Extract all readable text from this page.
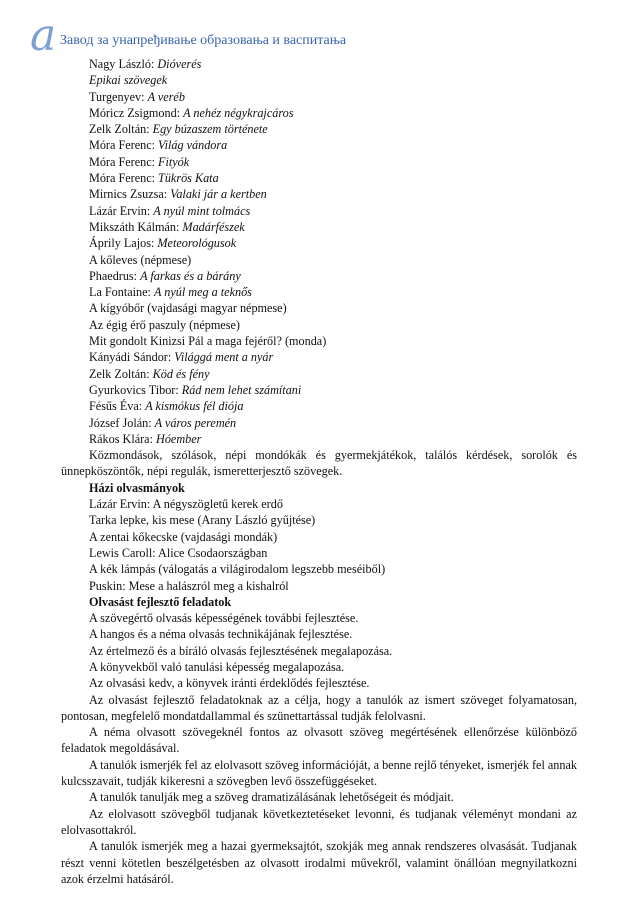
a Завод за унапређивање образовања и васпитања
Nagy László: Dióverés
Epikai szövegek
Turgenyev: A veréb
Móricz Zsigmond: A nehéz négykrajcáros
Zelk Zoltán: Egy búzaszem története
Móra Ferenc: Világ vándora
Móra Ferenc: Fityók
Móra Ferenc: Tükrös Kata
Mirnics Zsuzsa: Valaki jár a kertben
Lázár Ervin: A nyúl mint tolmács
Mikszáth Kálmán: Madárfészek
Áprily Lajos: Meteorológusok
A kőleves (népmese)
Phaedrus: A farkas és a bárány
La Fontaine: A nyúl meg a teknős
A kígyóbőr (vajdasági magyar népmese)
Az égig érő paszuly (népmese)
Mit gondolt Kinizsi Pál a maga fejéről? (monda)
Kányádi Sándor: Világgá ment a nyár
Zelk Zoltán: Köd és fény
Gyurkovics Tibor: Rád nem lehet számítani
Fésűs Éva: A kismókus fél diója
József Jolán: A város peremén
Rákos Klára: Hóember
Közmondások, szólások, népi mondókák és gyermekjátékok, találós kérdések, sorolók és ünnepköszöntők, népi regulák, ismeretterjesztő szövegek.
Házi olvasmányok
Lázár Ervin: A négyszögletű kerek erdő
Tarka lepke, kis mese (Arany László gyűjtése)
A zentai kőkecske (vajdasági mondák)
Lewis Caroll: Alice Csodaországban
A kék lámpás (válogatás a világirodalom legszebb meséiből)
Puskin: Mese a halászról meg a kishalról
Olvasást fejlesztő feladatok
A szövegértő olvasás képességének további fejlesztése.
A hangos és a néma olvasás technikájának fejlesztése.
Az értelmező és a bíráló olvasás fejlesztésének megalapozása.
A könyvekből való tanulási képesség megalapozása.
Az olvasási kedv, a könyvek iránti érdeklődés fejlesztése.
Az olvasást fejlesztő feladatoknak az a célja, hogy a tanulók az ismert szöveget folyamatosan, pontosan, megfelelő mondatdallammal és szünettartással tudják felolvasni.
A néma olvasott szövegeknél fontos az olvasott szöveg megértésének ellenőrzése különböző feladatok megoldásával.
A tanulók ismerjék fel az elolvasott szöveg információját, a benne rejlő tényeket, ismerjék fel annak kulcsszavait, tudják kikeresni a szövegben levő összefüggéseket.
A tanulók tanulják meg a szöveg dramatizálásának lehetőségeit és módjait.
Az elolvasott szövegből tudjanak következtetéseket levonni, és tudjanak véleményt mondani az elolvasottakról.
A tanulók ismerjék meg a hazai gyermeksajtót, szokják meg annak rendszeres olvasását. Tudjanak részt venni kötetlen beszélgetésben az olvasott irodalmi művekről, valamint önállóan megnyilatkozni azok érzelmi hatásáról.
